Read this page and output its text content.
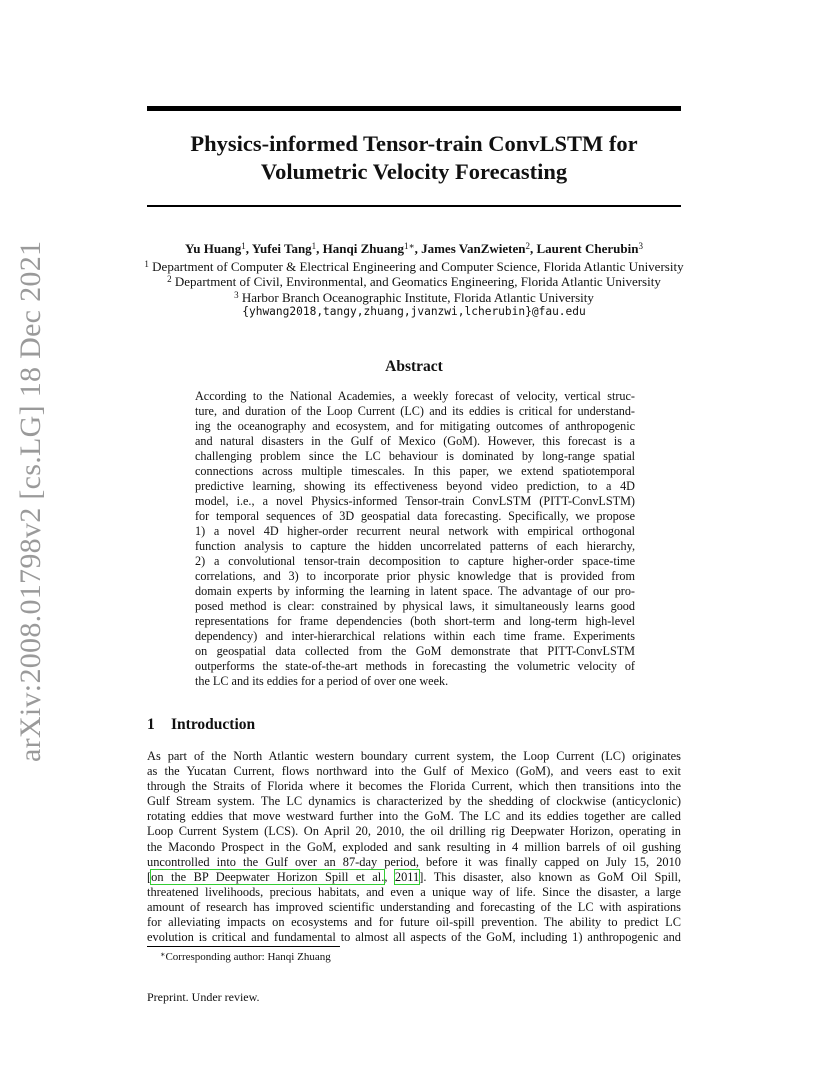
arXiv:2008.01798v2 [cs.LG] 18 Dec 2021
Physics-informed Tensor-train ConvLSTM for
Volumetric Velocity Forecasting
Yu Huang$^1$, Yufei Tang$^1$, Hanqi Zhuang$^{1∗}$, James VanZwieten$^2$, Laurent Cherubin$^3$
$^1$ Department of Computer & Electrical Engineering and Computer Science, Florida Atlantic University
$^2$ Department of Civil, Environmental, and Geomatics Engineering, Florida Atlantic University
$^3$ Harbor Branch Oceanographic Institute, Florida Atlantic University
{yhwang2018,tangy,zhuang,jvanzwi,lcherubin}@fau.edu
Abstract
According to the National Academies, a weekly forecast of velocity, vertical struc-
ture, and duration of the Loop Current (LC) and its eddies is critical for understand-
ing the oceanography and ecosystem, and for mitigating outcomes of anthropogenic
and natural disasters in the Gulf of Mexico (GoM). However, this forecast is a
challenging problem since the LC behaviour is dominated by long-range spatial
connections across multiple timescales. In this paper, we extend spatiotemporal
predictive learning, showing its effectiveness beyond video prediction, to a 4D
model, i.e., a novel Physics-informed Tensor-train ConvLSTM (PITT-ConvLSTM)
for temporal sequences of 3D geospatial data forecasting. Specifically, we propose
1) a novel 4D higher-order recurrent neural network with empirical orthogonal
function analysis to capture the hidden uncorrelated patterns of each hierarchy,
2) a convolutional tensor-train decomposition to capture higher-order space-time
correlations, and 3) to incorporate prior physic knowledge that is provided from
domain experts by informing the learning in latent space. The advantage of our pro-
posed method is clear: constrained by physical laws, it simultaneously learns good
representations for frame dependencies (both short-term and long-term high-level
dependency) and inter-hierarchical relations within each time frame. Experiments
on geospatial data collected from the GoM demonstrate that PITT-ConvLSTM
outperforms the state-of-the-art methods in forecasting the volumetric velocity of
the LC and its eddies for a period of over one week.
1 Introduction
As part of the North Atlantic western boundary current system, the Loop Current (LC) originates
as the Yucatan Current, flows northward into the Gulf of Mexico (GoM), and veers east to exit
through the Straits of Florida where it becomes the Florida Current, which then transitions into the
Gulf Stream system. The LC dynamics is characterized by the shedding of clockwise (anticyclonic)
rotating eddies that move westward further into the GoM. The LC and its eddies together are called
Loop Current System (LCS). On April 20, 2010, the oil drilling rig Deepwater Horizon, operating in
the Macondo Prospect in the GoM, exploded and sank resulting in 4 million barrels of oil gushing
uncontrolled into the Gulf over an 87-day period, before it was finally capped on July 15, 2010
[on the BP Deepwater Horizon Spill et al., 2011]. This disaster, also known as GoM Oil Spill,
threatened livelihoods, precious habitats, and even a unique way of life. Since the disaster, a large
amount of research has improved scientific understanding and forecasting of the LC with aspirations
for alleviating impacts on ecosystems and for future oil-spill prevention. The ability to predict LC
evolution is critical and fundamental to almost all aspects of the GoM, including 1) anthropogenic and
∗Corresponding author: Hanqi Zhuang
Preprint. Under review.
